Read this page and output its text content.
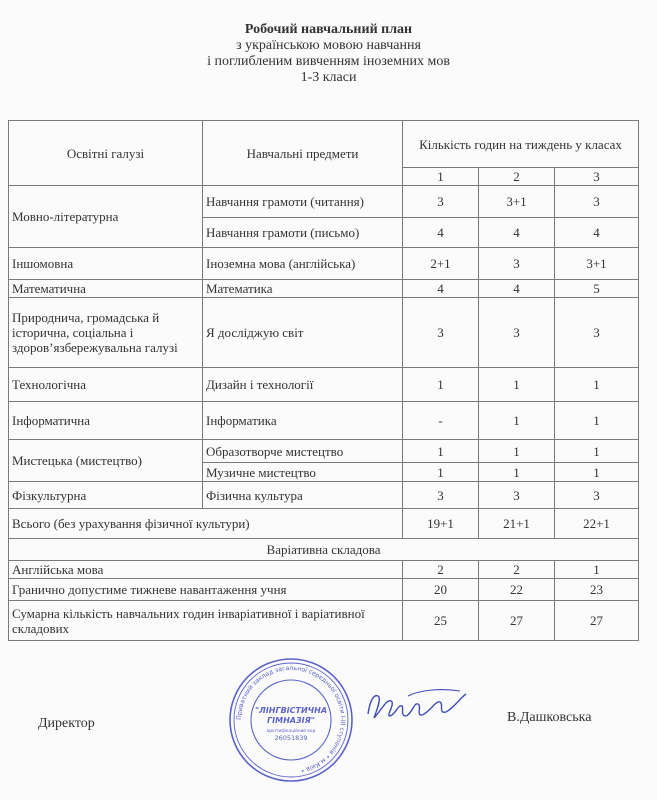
Робочий навчальний план
з українською мовою навчання
і поглибленим вивченням іноземних мов
1-3 класи
Освітні галузі	Навчальні предмети	Кількість годин на тиждень у класах		
		1	2	3
Мовно-літературна	Навчання грамоти (читання)	3	3+1	3
	Навчання грамоти (письмо)	4	4	4
Іншомовна	Іноземна мова (англійська)	2+1	3	3+1
Математична	Математика	4	4	5
Природнича, громадська й історична, соціальна і здоров’язбережувальна галузі	Я досліджую світ	3	3	3
Технологічна	Дизайн і технології	1	1	1
Інформатична	Інформатика	-	1	1
Мистецька (мистецтво)	Образотворче мистецтво	1	1	1
	Музичне мистецтво	1	1	1
Фізкультурна	Фізична культура	3	3	3
Всього (без урахування фізичної культури)		19+1	21+1	22+1
Варіативна складова				
Англійська мова		2	2	1
Гранично допустиме тижневе навантаження учня		20	22	23
Сумарна кількість навчальних годин інваріативної і варіативної складових		25	27	27
Директор	Приватний заклад загальної середньої освіти І-ІІІ ступенів • м.Київ •
"ЛІНГВІСТИЧНА
ГІМНАЗІЯ"
Ідентифікаційний код
26051839
В.Дашковська
